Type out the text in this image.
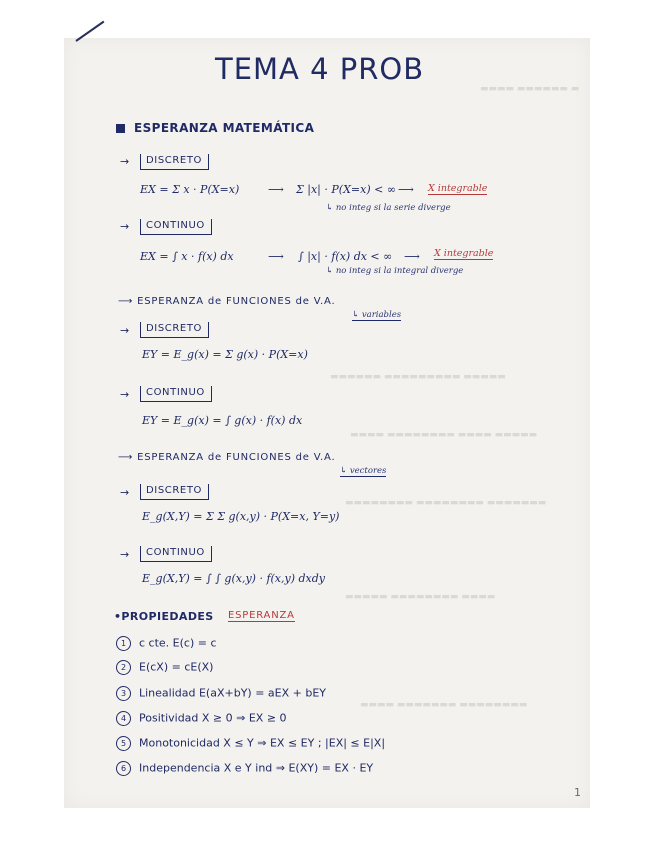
▬▬▬▬ ▬▬▬▬▬▬ ▬
▬▬▬▬▬▬ ▬▬▬▬▬▬▬▬▬ ▬▬▬▬▬
▬▬▬▬ ▬▬▬▬▬▬▬▬ ▬▬▬▬ ▬▬▬▬▬
▬▬▬▬▬▬▬▬ ▬▬▬▬▬▬▬▬ ▬▬▬▬▬▬▬
▬▬▬▬▬ ▬▬▬▬▬▬▬▬ ▬▬▬▬
▬▬▬▬ ▬▬▬▬▬▬▬ ▬▬▬▬▬▬▬▬
TEMA 4 PROB
ESPERANZA MATEMÁTICA
→	DISCRETO
EX = Σ x · P(X=x)	⟶ Σ |x| · P(X=x) < ∞ ⟶ X integrable
↳ no integ si la serie diverge
→	CONTINUO
EX = ∫ x · f(x) dx	⟶ ∫ |x| · f(x) dx < ∞ ⟶ X integrable
↳ no integ si la integral diverge
⟶ ESPERANZA de FUNCIONES de V.A.
↳ variables
→	DISCRETO
EY = E_g(x) = Σ g(x) · P(X=x)
→	CONTINUO
EY = E_g(x) = ∫ g(x) · f(x) dx
⟶ ESPERANZA de FUNCIONES de V.A.
↳ vectores
→	DISCRETO
E_g(X,Y) = Σ Σ g(x,y) · P(X=x, Y=y)
→	CONTINUO
E_g(X,Y) = ∫ ∫ g(x,y) · f(x,y) dxdy
•PROPIEDADES ESPERANZA
1 c cte. E(c) = c
2 E(cX) = cE(X)
3 Linealidad E(aX+bY) = aEX + bEY
4 Positividad X ≥ 0 ⇒ EX ≥ 0
5 Monotonicidad X ≤ Y ⇒ EX ≤ EY ; |EX| ≤ E|X|
6 Independencia X e Y ind ⇒ E(XY) = EX · EY
1
